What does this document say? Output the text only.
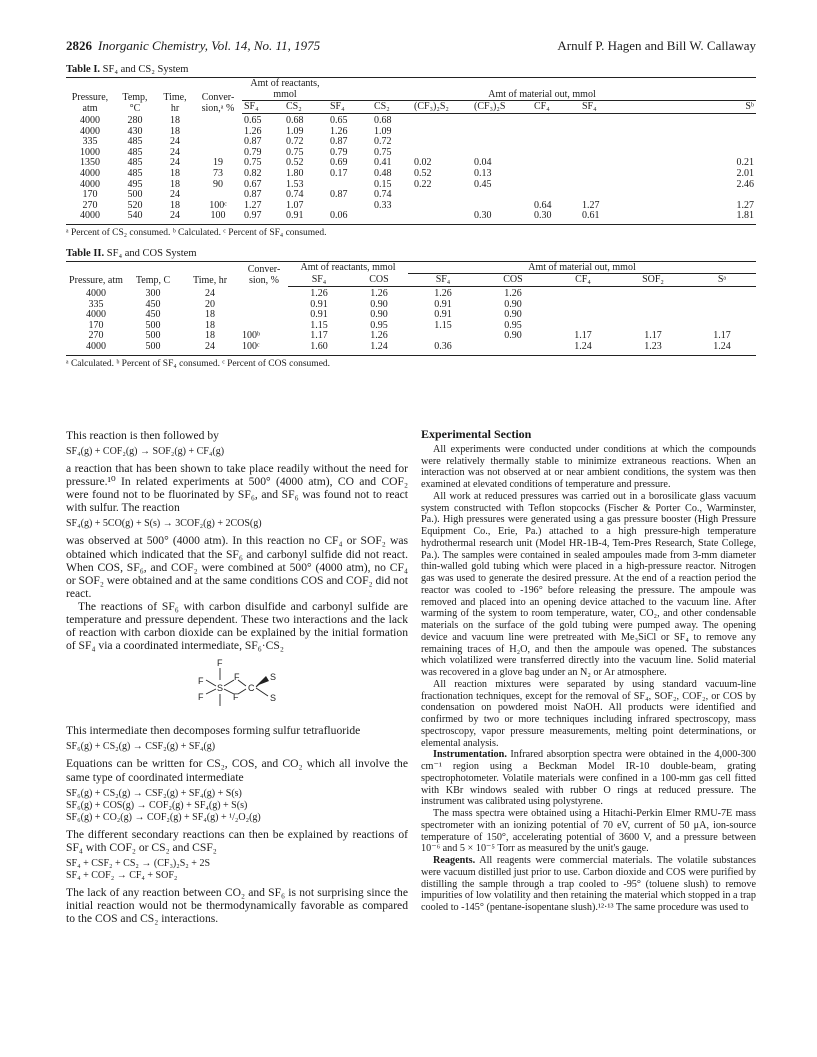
2826 Inorganic Chemistry, Vol. 14, No. 11, 1975	Arnulf P. Hagen and Bill W. Callaway
Table I. SF₄ and CS₂ System
Pressure, atm	Temp, °C	Time, hr	Conver- sion,ᵃ %	Amt of reactants, mmol		Amt of material out, mmol						
				SF₄	CS₂	SF₄	CS₂	(CF₃)₂S₂	(CF₃)₂S	CF₄	SF₄	Sᵇ
4000	280	18		0.65	0.68	0.65	0.68					
4000	430	18		1.26	1.09	1.26	1.09					
335	485	24		0.87	0.72	0.87	0.72					
1000	485	24		0.79	0.75	0.79	0.75					
1350	485	24	19	0.75	0.52	0.69	0.41	0.02	0.04			0.21
4000	485	18	73	0.82	1.80	0.17	0.48	0.52	0.13			2.01
4000	495	18	90	0.67	1.53		0.15	0.22	0.45			2.46
170	500	24		0.87	0.74	0.87	0.74					
270	520	18	100ᶜ	1.27	1.07		0.33			0.64	1.27	1.27
4000	540	24	100	0.97	0.91	0.06			0.30	0.30	0.61	1.81
ᵃ Percent of CS₂ consumed. ᵇ Calculated. ᶜ Percent of SF₄ consumed.
Table II. SF₄ and COS System
Pressure, atm	Temp, C	Time, hr	Conver- sion, %	Amt of reactants, mmol		Amt of material out, mmol				
				SF₄	COS	SF₄	COS	CF₄	SOF₂	Sᵃ
4000	300	24		1.26	1.26	1.26	1.26			
335	450	20		0.91	0.90	0.91	0.90			
4000	450	18		0.91	0.90	0.91	0.90			
170	500	18		1.15	0.95	1.15	0.95			
270	500	18	100ᵇ	1.17	1.26		0.90	1.17	1.17	1.17
4000	500	24	100ᶜ	1.60	1.24	0.36		1.24	1.23	1.24
ᵃ Calculated. ᵇ Percent of SF₄ consumed. ᶜ Percent of COS consumed.

This reaction is then followed by

SF₄(g) + COF₂(g) → SOF₂(g) + CF₄(g)

a reaction that has been shown to take place readily without the need for pressure.¹⁰ In related experiments at 500° (4000 atm), CO and COF₂ were found not to be fluorinated by SF₆, and SF₆ was found not to react with sulfur. The reaction

SF₄(g) + 5CO(g) + S(s) → 3COF₂(g) + 2COS(g)

was observed at 500° (4000 atm). In this reaction no CF₄ or SOF₂ was obtained which indicated that the SF₆ and carbonyl sulfide did not react. When COS, SF₆, and COF₂ were combined at 500° (4000 atm), no CF₄ or SOF₂ were obtained and at the same conditions COS and COF₂ did not react.

The reactions of SF₆ with carbon disulfide and carbonyl sulfide are temperature and pressure dependent. These two interactions and the lack of reaction with carbon dioxide can be explained by the initial formation of SF₄ via a coordinated intermediate, SF₆·CS₂

F
F	F
S	C
S
F	F	S

This intermediate then decomposes forming sulfur tetrafluoride

SF₆(g) + CS₂(g) → CSF₂(g) + SF₄(g)

Equations can be written for CS₂, COS, and CO₂ which all involve the same type of coordinated intermediate

SF₆(g) + CS₂(g) → CSF₂(g) + SF₄(g) + S(s)
SF₆(g) + COS(g) → COF₂(g) + SF₄(g) + S(s)
SF₆(g) + CO₂(g) → COF₂(g) + SF₄(g) + ¹/₂O₂(g)

The different secondary reactions can then be explained by reactions of SF₄ with COF₂ or CS₂ and CSF₂

SF₄ + CSF₂ + CS₂ → (CF₃)₂S₂ + 2S
SF₄ + COF₂ → CF₄ + SOF₂

The lack of any reaction between CO₂ and SF₆ is not surprising since the initial reaction would not be thermodynamically favorable as compared to the COS and CS₂ interactions.

Experimental Section

All experiments were conducted under conditions at which the compounds were relatively thermally stable to minimize extraneous reactions. When an interaction was not observed at or near ambient conditions, the system was then examined at elevated conditions of temperature and pressure.

All work at reduced pressures was carried out in a borosilicate glass vacuum system constructed with Teflon stopcocks (Fischer & Porter Co., Warminster, Pa.). High pressures were generated using a gas pressure booster (High Pressure Equipment Co., Erie, Pa.) attached to a high pressure-high temperature hydrothermal research unit (Model HR-1B-4, Tem-Pres Research, State College, Pa.). The samples were contained in sealed ampoules made from 3-mm diameter thin-walled gold tubing which were placed in a high-pressure reactor. Nitrogen gas was used to generate the desired pressure. At the end of a reaction period the reactor was cooled to -196° before releasing the pressure. The ampoule was removed and placed into an opening device attached to the vacuum line. After warming of the system to room temperature, water, CO₂, and other condensable materials on the surface of the gold tubing were pumped away. The opening device and vacuum line were pretreated with Me₃SiCl or SF₄ to remove any remaining traces of H₂O, and then the ampoule was opened. The substances which volatilized were transferred directly into the vacuum line. Solid material was recovered in a glove bag under an N₂ or Ar atmosphere.

All reaction mixtures were separated by using standard vacuum-line fractionation techniques, except for the removal of SF₄, SOF₂, COF₂, or COS by condensation on powdered moist NaOH. All products were identified and confirmed by two or more techniques including infrared spectroscopy, mass spectroscopy, vapor pressure measurements, melting point determinations, or elemental analysis.

Instrumentation. Infrared absorption spectra were obtained in the 4,000-300 cm⁻¹ region using a Beckman Model IR-10 double-beam, grating spectrophotometer. Volatile materials were confined in a 100-mm gas cell fitted with KBr windows sealed with rubber O rings at reduced pressure. The instrument was calibrated using polystyrene.

The mass spectra were obtained using a Hitachi-Perkin Elmer RMU-7E mass spectrometer with an ionizing potential of 70 eV, current of 50 μA, ion-source temperature of 150°, accelerating potential of 3600 V, and a pressure between 10⁻⁶ and 5 × 10⁻⁵ Torr as measured by the unit's gauge.

Reagents. All reagents were commercial materials. The volatile substances were vacuum distilled just prior to use. Carbon dioxide and COS were purified by distilling the sample through a trap cooled to -95° (toluene slush) to remove impurities of low volatility and then retaining the material which stopped in a trap cooled to -145° (pentane-isopentane slush).¹²·¹³ The same procedure was used to
